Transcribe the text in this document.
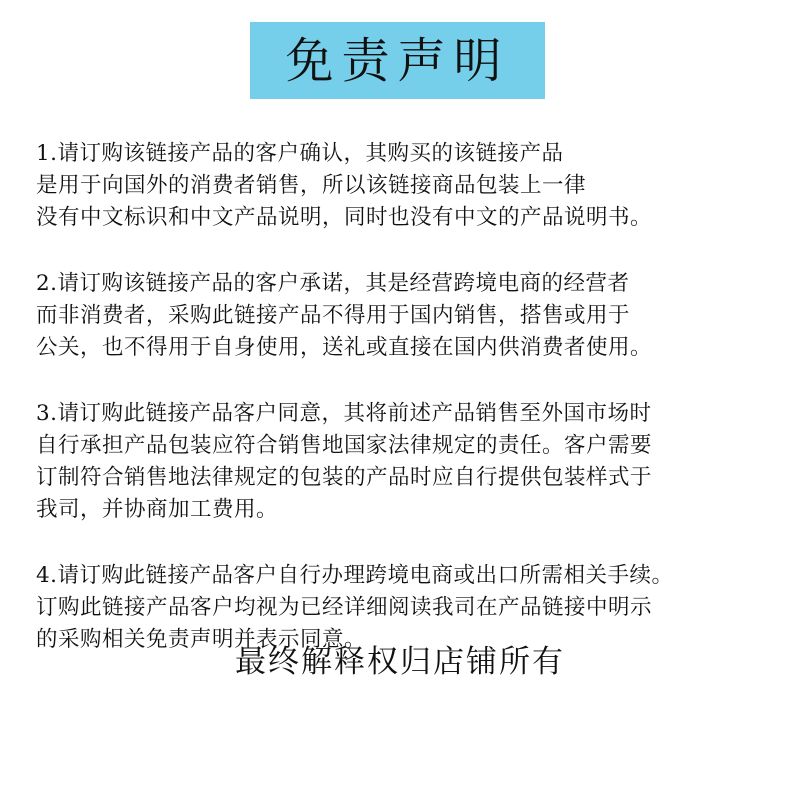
免责声明
1.请订购该链接产品的客户确认，其购买的该链接产品
是用于向国外的消费者销售，所以该链接商品包装上一律
没有中文标识和中文产品说明，同时也没有中文的产品说明书。
2.请订购该链接产品的客户承诺，其是经营跨境电商的经营者
而非消费者，采购此链接产品不得用于国内销售，搭售或用于
公关，也不得用于自身使用，送礼或直接在国内供消费者使用。
3.请订购此链接产品客户同意，其将前述产品销售至外国市场时
自行承担产品包装应符合销售地国家法律规定的责任。客户需要
订制符合销售地法律规定的包装的产品时应自行提供包装样式于
我司，并协商加工费用。
4.请订购此链接产品客户自行办理跨境电商或出口所需相关手续。
订购此链接产品客户均视为已经详细阅读我司在产品链接中明示
的采购相关免责声明并表示同意。
最终解释权归店铺所有
